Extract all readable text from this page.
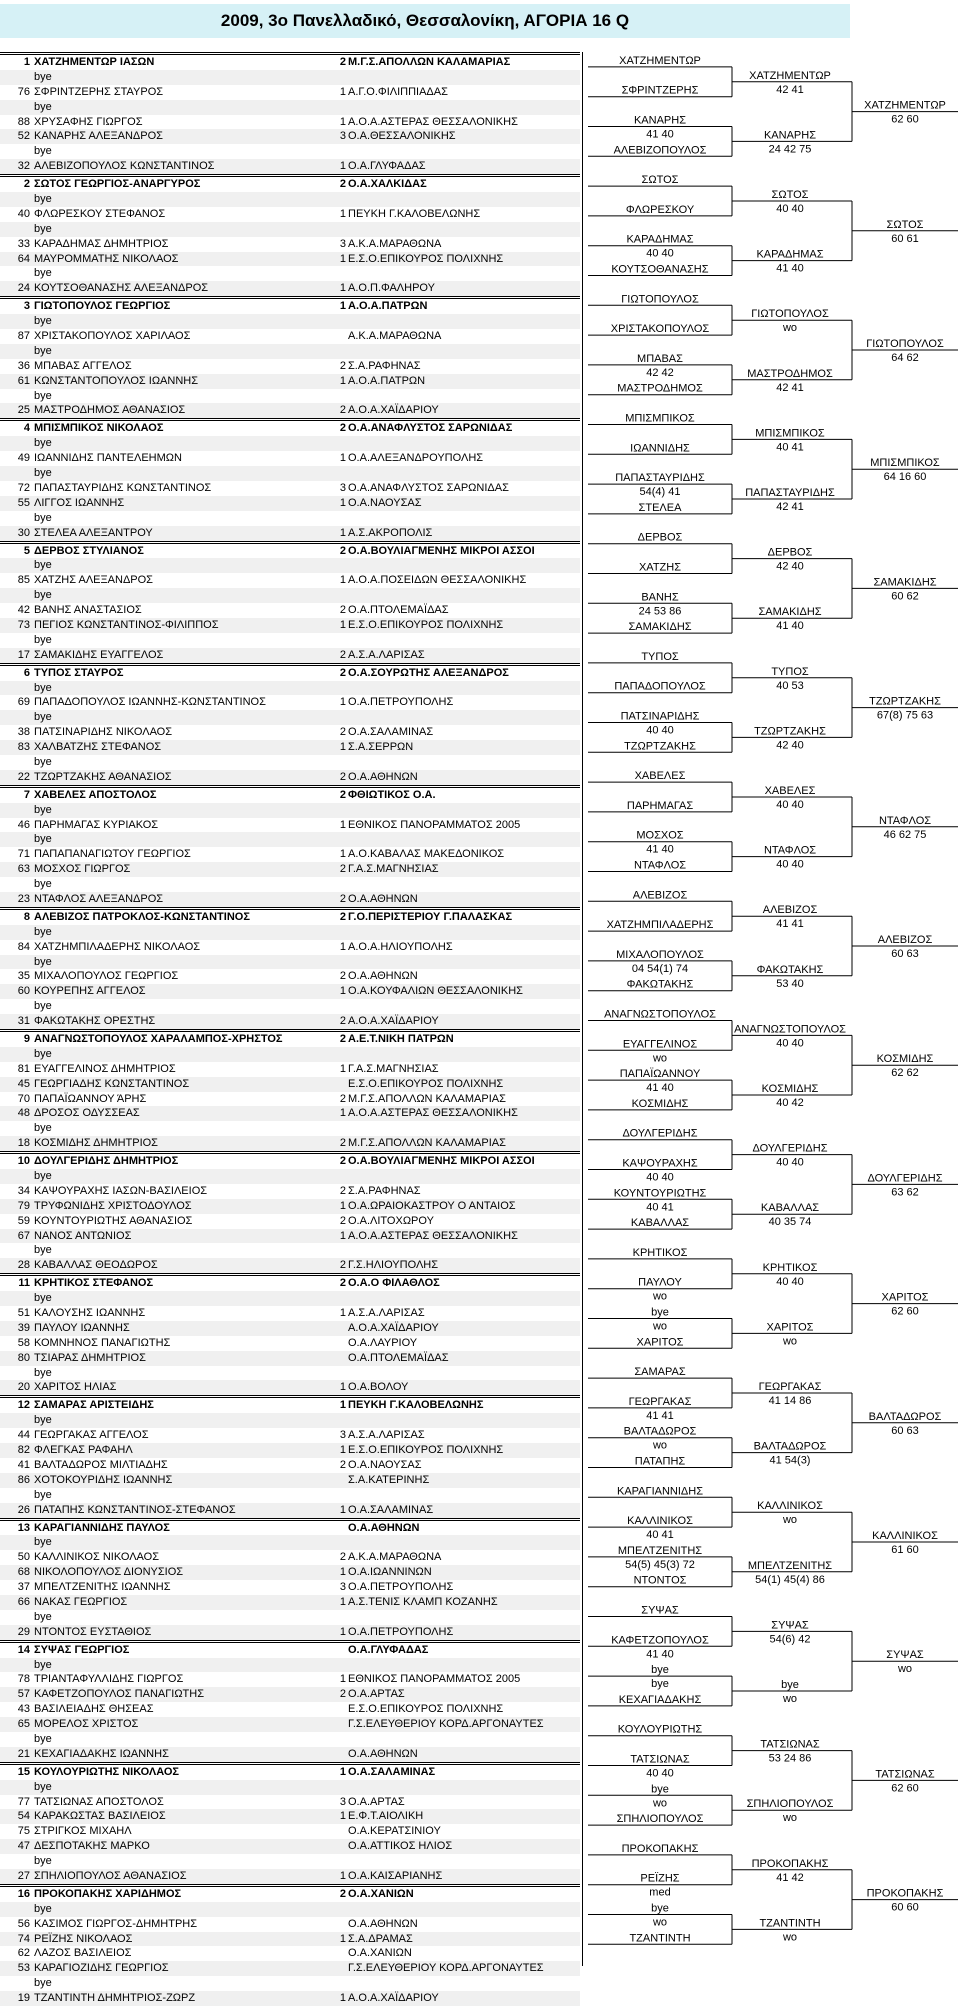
2009, 3ο Πανελλαδικό, Θεσσαλονίκη, ΑΓΟΡΙΑ 16 Q
1 ΧΑΤΖΗΜΕΝΤΩΡ ΙΑΣΩΝ	2 Μ.Γ.Σ.ΑΠΟΛΛΩΝ ΚΑΛΑΜΑΡΙΑΣ
bye
76 ΣΦΡΙΝΤΖΕΡΗΣ ΣΤΑΥΡΟΣ	1 Α.Γ.Ο.ΦΙΛΙΠΠΙΑΔΑΣ
bye
88 ΧΡΥΣΑΦΗΣ ΓΙΩΡΓΟΣ	1 Α.Ο.Α.ΑΣΤΕΡΑΣ ΘΕΣΣΑΛΟΝΙΚΗΣ
52 ΚΑΝΑΡΗΣ ΑΛΕΞΑΝΔΡΟΣ	3 Ο.Α.ΘΕΣΣΑΛΟΝΙΚΗΣ
bye
32 ΑΛΕΒΙΖΟΠΟΥΛΟΣ ΚΩΝΣΤΑΝΤΙΝΟΣ	1 Ο.Α.ΓΛΥΦΑΔΑΣ
2 ΣΩΤΟΣ ΓΕΩΡΓΙΟΣ-ΑΝΑΡΓΥΡΟΣ	2 Ο.Α.ΧΑΛΚΙΔΑΣ
bye
40 ΦΛΩΡΕΣΚΟΥ ΣΤΕΦΑΝΟΣ	1 ΠΕΥΚΗ Γ.ΚΑΛΟΒΕΛΩΝΗΣ
bye
33 ΚΑΡΑΔΗΜΑΣ ΔΗΜΗΤΡΙΟΣ	3 Α.Κ.Α.ΜΑΡΑΘΩΝΑ
64 ΜΑΥΡΟΜΜΑΤΗΣ ΝΙΚΟΛΑΟΣ	1 Ε.Σ.Ο.ΕΠΙΚΟΥΡΟΣ ΠΟΛΙΧΝΗΣ
bye
24 ΚΟΥΤΣΟΘΑΝΑΣΗΣ ΑΛΕΞΑΝΔΡΟΣ	1 Α.Ο.Π.ΦΑΛΗΡΟΥ
3 ΓΙΩΤΟΠΟΥΛΟΣ ΓΕΩΡΓΙΟΣ	1 Α.Ο.Α.ΠΑΤΡΩΝ
bye
87 ΧΡΙΣΤΑΚΟΠΟΥΛΟΣ ΧΑΡΙΛΑΟΣ	Α.Κ.Α.ΜΑΡΑΘΩΝΑ
bye
36 ΜΠΑΒΑΣ ΑΓΓΕΛΟΣ	2 Σ.Α.ΡΑΦΗΝΑΣ
61 ΚΩΝΣΤΑΝΤΟΠΟΥΛΟΣ ΙΩΑΝΝΗΣ	1 Α.Ο.Α.ΠΑΤΡΩΝ
bye
25 ΜΑΣΤΡΟΔΗΜΟΣ ΑΘΑΝΑΣΙΟΣ	2 Α.Ο.Α.ΧΑΪΔΑΡΙΟΥ
4 ΜΠΙΣΜΠΙΚΟΣ ΝΙΚΟΛΑΟΣ	2 Ο.Α.ΑΝΑΦΛΥΣΤΟΣ ΣΑΡΩΝΙΔΑΣ
bye
49 ΙΩΑΝΝΙΔΗΣ ΠΑΝΤΕΛΕΗΜΩΝ	1 Ο.Α.ΑΛΕΞΑΝΔΡΟΥΠΟΛΗΣ
bye
72 ΠΑΠΑΣΤΑΥΡΙΔΗΣ ΚΩΝΣΤΑΝΤΙΝΟΣ	3 Ο.Α.ΑΝΑΦΛΥΣΤΟΣ ΣΑΡΩΝΙΔΑΣ
55 ΛΙΓΓΟΣ ΙΩΑΝΝΗΣ	1 Ο.Α.ΝΑΟΥΣΑΣ
bye
30 ΣΤΕΛΕΑ ΑΛΕΞΑΝΤΡΟΥ	1 Α.Σ.ΑΚΡΟΠΟΛΙΣ
5 ΔΕΡΒΟΣ ΣΤΥΛΙΑΝΟΣ	2 Ο.Α.ΒΟΥΛΙΑΓΜΕΝΗΣ ΜΙΚΡΟΙ ΑΣΣΟΙ
bye
85 ΧΑΤΖΗΣ ΑΛΕΞΑΝΔΡΟΣ	1 Α.Ο.Α.ΠΟΣΕΙΔΩΝ ΘΕΣΣΑΛΟΝΙΚΗΣ
bye
42 ΒΑΝΗΣ ΑΝΑΣΤΑΣΙΟΣ	2 Ο.Α.ΠΤΟΛΕΜΑΪΔΑΣ
73 ΠΕΓΙΟΣ ΚΩΝΣΤΑΝΤΙΝΟΣ-ΦΙΛΙΠΠΟΣ	1 Ε.Σ.Ο.ΕΠΙΚΟΥΡΟΣ ΠΟΛΙΧΝΗΣ
bye
17 ΣΑΜΑΚΙΔΗΣ ΕΥΑΓΓΕΛΟΣ	2 Α.Σ.Α.ΛΑΡΙΣΑΣ
6 ΤΥΠΟΣ ΣΤΑΥΡΟΣ	2 Ο.Α.ΣΟΥΡΩΤΗΣ ΑΛΕΞΑΝΔΡΟΣ
bye
69 ΠΑΠΑΔΟΠΟΥΛΟΣ ΙΩΑΝΝΗΣ-ΚΩΝΣΤΑΝΤΙΝΟΣ	1 Ο.Α.ΠΕΤΡΟΥΠΟΛΗΣ
bye
38 ΠΑΤΣΙΝΑΡΙΔΗΣ ΝΙΚΟΛΑΟΣ	2 Ο.Α.ΣΑΛΑΜΙΝΑΣ
83 ΧΑΛΒΑΤΖΗΣ ΣΤΕΦΑΝΟΣ	1 Σ.Α.ΣΕΡΡΩΝ
bye
22 ΤΖΩΡΤΖΑΚΗΣ ΑΘΑΝΑΣΙΟΣ	2 Ο.Α.ΑΘΗΝΩΝ
7 ΧΑΒΕΛΕΣ ΑΠΟΣΤΟΛΟΣ	2 ΦΘΙΩΤΙΚΟΣ Ο.Α.
bye
46 ΠΑΡΗΜΑΓΑΣ ΚΥΡΙΑΚΟΣ	1 ΕΘΝΙΚΟΣ ΠΑΝΟΡΑΜΜΑΤΟΣ 2005
bye
71 ΠΑΠΑΠΑΝΑΓΙΩΤΟΥ ΓΕΩΡΓΙΟΣ	1 Α.Ο.ΚΑΒΑΛΑΣ ΜΑΚΕΔΟΝΙΚΟΣ
63 ΜΟΣΧΟΣ ΓΙΩΡΓΟΣ	2 Γ.Α.Σ.ΜΑΓΝΗΣΙΑΣ
bye
23 ΝΤΑΦΛΟΣ ΑΛΕΞΑΝΔΡΟΣ	2 Ο.Α.ΑΘΗΝΩΝ
8 ΑΛΕΒΙΖΟΣ ΠΑΤΡΟΚΛΟΣ-ΚΩΝΣΤΑΝΤΙΝΟΣ	2 Γ.Ο.ΠΕΡΙΣΤΕΡΙΟΥ Γ.ΠΑΛΑΣΚΑΣ
bye
84 ΧΑΤΖΗΜΠΙΛΑΔΕΡΗΣ ΝΙΚΟΛΑΟΣ	1 Α.Ο.Α.ΗΛΙΟΥΠΟΛΗΣ
bye
35 ΜΙΧΑΛΟΠΟΥΛΟΣ ΓΕΩΡΓΙΟΣ	2 Ο.Α.ΑΘΗΝΩΝ
60 ΚΟΥΡΕΠΗΣ ΑΓΓΕΛΟΣ	1 Ο.Α.ΚΟΥΦΑΛΙΩΝ ΘΕΣΣΑΛΟΝΙΚΗΣ
bye
31 ΦΑΚΩΤΑΚΗΣ ΟΡΕΣΤΗΣ	2 Α.Ο.Α.ΧΑΪΔΑΡΙΟΥ
9 ΑΝΑΓΝΩΣΤΟΠΟΥΛΟΣ ΧΑΡΑΛΑΜΠΟΣ-ΧΡΗΣΤΟΣ	2 Α.Ε.Τ.ΝΙΚΗ ΠΑΤΡΩΝ
bye
81 ΕΥΑΓΓΕΛΙΝΟΣ ΔΗΜΗΤΡΙΟΣ	1 Γ.Α.Σ.ΜΑΓΝΗΣΙΑΣ
45 ΓΕΩΡΓΙΑΔΗΣ ΚΩΝΣΤΑΝΤΙΝΟΣ	Ε.Σ.Ο.ΕΠΙΚΟΥΡΟΣ ΠΟΛΙΧΝΗΣ
70 ΠΑΠΑΪΩΑΝΝΟΥ ΆΡΗΣ	2 Μ.Γ.Σ.ΑΠΟΛΛΩΝ ΚΑΛΑΜΑΡΙΑΣ
48 ΔΡΟΣΟΣ ΟΔΥΣΣΕΑΣ	1 Α.Ο.Α.ΑΣΤΕΡΑΣ ΘΕΣΣΑΛΟΝΙΚΗΣ
bye
18 ΚΟΣΜΙΔΗΣ ΔΗΜΗΤΡΙΟΣ	2 Μ.Γ.Σ.ΑΠΟΛΛΩΝ ΚΑΛΑΜΑΡΙΑΣ
10 ΔΟΥΛΓΕΡΙΔΗΣ ΔΗΜΗΤΡΙΟΣ	2 Ο.Α.ΒΟΥΛΙΑΓΜΕΝΗΣ ΜΙΚΡΟΙ ΑΣΣΟΙ
bye
34 ΚΑΨΟΥΡΑΧΗΣ ΙΑΣΩΝ-ΒΑΣΙΛΕΙΟΣ	2 Σ.Α.ΡΑΦΗΝΑΣ
79 ΤΡΥΦΩΝΙΔΗΣ ΧΡΙΣΤΟΔΟΥΛΟΣ	1 Ο.Α.ΩΡΑΙΟΚΑΣΤΡΟΥ Ο ΑΝΤΑΙΟΣ
59 ΚΟΥΝΤΟΥΡΙΩΤΗΣ ΑΘΑΝΑΣΙΟΣ	2 Ο.Α.ΛΙΤΟΧΩΡΟΥ
67 ΝΑΝΟΣ ΑΝΤΩΝΙΟΣ	1 Α.Ο.Α.ΑΣΤΕΡΑΣ ΘΕΣΣΑΛΟΝΙΚΗΣ
bye
28 ΚΑΒΑΛΛΑΣ ΘΕΟΔΩΡΟΣ	2 Γ.Σ.ΗΛΙΟΥΠΟΛΗΣ
11 ΚΡΗΤΙΚΟΣ ΣΤΕΦΑΝΟΣ	2 Ο.Α.Ο ΦΙΛΑΘΛΟΣ
bye
51 ΚΑΛΟΥΣΗΣ ΙΩΑΝΝΗΣ	1 Α.Σ.Α.ΛΑΡΙΣΑΣ
39 ΠΑΥΛΟΥ ΙΩΑΝΝΗΣ	Α.Ο.Α.ΧΑΪΔΑΡΙΟΥ
58 ΚΟΜΝΗΝΟΣ ΠΑΝΑΓΙΩΤΗΣ	Ο.Α.ΛΑΥΡΙΟΥ
80 ΤΣΙΑΡΑΣ ΔΗΜΗΤΡΙΟΣ	Ο.Α.ΠΤΟΛΕΜΑΪΔΑΣ
bye
20 ΧΑΡΙΤΟΣ ΗΛΙΑΣ	1 Ο.Α.ΒΟΛΟΥ
12 ΣΑΜΑΡΑΣ ΑΡΙΣΤΕΙΔΗΣ	1 ΠΕΥΚΗ Γ.ΚΑΛΟΒΕΛΩΝΗΣ
bye
44 ΓΕΩΡΓΑΚΑΣ ΑΓΓΕΛΟΣ	3 Α.Σ.Α.ΛΑΡΙΣΑΣ
82 ΦΛΕΓΚΑΣ ΡΑΦΑΗΛ	1 Ε.Σ.Ο.ΕΠΙΚΟΥΡΟΣ ΠΟΛΙΧΝΗΣ
41 ΒΑΛΤΑΔΩΡΟΣ ΜΙΛΤΙΑΔΗΣ	2 Ο.Α.ΝΑΟΥΣΑΣ
86 ΧΟΤΟΚΟΥΡΙΔΗΣ ΙΩΑΝΝΗΣ	Σ.Α.ΚΑΤΕΡΙΝΗΣ
bye
26 ΠΑΤΑΠΗΣ ΚΩΝΣΤΑΝΤΙΝΟΣ-ΣΤΕΦΑΝΟΣ	1 Ο.Α.ΣΑΛΑΜΙΝΑΣ
13 ΚΑΡΑΓΙΑΝΝΙΔΗΣ ΠΑΥΛΟΣ	Ο.Α.ΑΘΗΝΩΝ
bye
50 ΚΑΛΛΙΝΙΚΟΣ ΝΙΚΟΛΑΟΣ	2 Α.Κ.Α.ΜΑΡΑΘΩΝΑ
68 ΝΙΚΟΛΟΠΟΥΛΟΣ ΔΙΟΝΥΣΙΟΣ	1 Ο.Α.ΙΩΑΝΝΙΝΩΝ
37 ΜΠΕΛΤΖΕΝΙΤΗΣ ΙΩΑΝΝΗΣ	3 Ο.Α.ΠΕΤΡΟΥΠΟΛΗΣ
66 ΝΑΚΑΣ ΓΕΩΡΓΙΟΣ	1 Α.Σ.ΤΕΝΙΣ ΚΛΑΜΠ ΚΟΖΑΝΗΣ
bye
29 ΝΤΟΝΤΟΣ ΕΥΣΤΑΘΙΟΣ	1 Ο.Α.ΠΕΤΡΟΥΠΟΛΗΣ
14 ΣΥΨΑΣ ΓΕΩΡΓΙΟΣ	Ο.Α.ΓΛΥΦΑΔΑΣ
bye
78 ΤΡΙΑΝΤΑΦΥΛΛΙΔΗΣ ΓΙΩΡΓΟΣ	1 ΕΘΝΙΚΟΣ ΠΑΝΟΡΑΜΜΑΤΟΣ 2005
57 ΚΑΦΕΤΖΟΠΟΥΛΟΣ ΠΑΝΑΓΙΩΤΗΣ	2 Ο.Α.ΑΡΤΑΣ
43 ΒΑΣΙΛΕΙΑΔΗΣ ΘΗΣΕΑΣ	Ε.Σ.Ο.ΕΠΙΚΟΥΡΟΣ ΠΟΛΙΧΝΗΣ
65 ΜΟΡΕΛΟΣ ΧΡΙΣΤΟΣ	Γ.Σ.ΕΛΕΥΘΕΡΙΟΥ ΚΟΡΔ.ΑΡΓΟΝΑΥΤΕΣ
bye
21 ΚΕΧΑΓΙΑΔΑΚΗΣ ΙΩΑΝΝΗΣ	Ο.Α.ΑΘΗΝΩΝ
15 ΚΟΥΛΟΥΡΙΩΤΗΣ ΝΙΚΟΛΑΟΣ	1 Ο.Α.ΣΑΛΑΜΙΝΑΣ
bye
77 ΤΑΤΣΙΩΝΑΣ ΑΠΟΣΤΟΛΟΣ	3 Ο.Α.ΑΡΤΑΣ
54 ΚΑΡΑΚΩΣΤΑΣ ΒΑΣΙΛΕΙΟΣ	1 Ε.Φ.Τ.ΑΙΟΛΙΚΗ
75 ΣΤΡΙΓΚΟΣ ΜΙΧΑΗΛ	Ο.Α.ΚΕΡΑΤΣΙΝΙΟΥ
47 ΔΕΣΠΟΤΑΚΗΣ ΜΑΡΚΟ	Ο.Α.ΑΤΤΙΚΟΣ ΗΛΙΟΣ
bye
27 ΣΠΗΛΙΟΠΟΥΛΟΣ ΑΘΑΝΑΣΙΟΣ	1 Ο.Α.ΚΑΙΣΑΡΙΑΝΗΣ
16 ΠΡΟΚΟΠΑΚΗΣ ΧΑΡΙΔΗΜΟΣ	2 Ο.Α.ΧΑΝΙΩΝ
bye
56 ΚΑΣΙΜΟΣ ΓΙΩΡΓΟΣ-ΔΗΜΗΤΡΗΣ	Ο.Α.ΑΘΗΝΩΝ
74 ΡΕΪΖΗΣ ΝΙΚΟΛΑΟΣ	1 Σ.Α.ΔΡΑΜΑΣ
62 ΛΑΖΟΣ ΒΑΣΙΛΕΙΟΣ	Ο.Α.ΧΑΝΙΩΝ
53 ΚΑΡΑΓΙΟΖΙΔΗΣ ΓΕΩΡΓΙΟΣ	Γ.Σ.ΕΛΕΥΘΕΡΙΟΥ ΚΟΡΔ.ΑΡΓΟΝΑΥΤΕΣ
bye
19 ΤΖΑΝΤΙΝΤΗ ΔΗΜΗΤΡΙΟΣ-ΖΩΡΖ	1 Α.Ο.Α.ΧΑΪΔΑΡΙΟΥ
ΧΑΤΖΗΜΕΝΤΩΡ
ΣΦΡΙΝΤΖΕΡΗΣ
ΚΑΝΑΡΗΣ
41 40
ΑΛΕΒΙΖΟΠΟΥΛΟΣ
ΧΑΤΖΗΜΕΝΤΩΡ
42 41
ΚΑΝΑΡΗΣ
24 42 75
ΧΑΤΖΗΜΕΝΤΩΡ
62 60
ΣΩΤΟΣ
ΦΛΩΡΕΣΚΟΥ
ΚΑΡΑΔΗΜΑΣ
40 40
ΚΟΥΤΣΟΘΑΝΑΣΗΣ
ΣΩΤΟΣ
40 40
ΚΑΡΑΔΗΜΑΣ
41 40
ΣΩΤΟΣ
60 61
ΓΙΩΤΟΠΟΥΛΟΣ
ΧΡΙΣΤΑΚΟΠΟΥΛΟΣ
ΜΠΑΒΑΣ
42 42
ΜΑΣΤΡΟΔΗΜΟΣ
ΓΙΩΤΟΠΟΥΛΟΣ
wo
ΜΑΣΤΡΟΔΗΜΟΣ
42 41
ΓΙΩΤΟΠΟΥΛΟΣ
64 62
ΜΠΙΣΜΠΙΚΟΣ
ΙΩΑΝΝΙΔΗΣ
ΠΑΠΑΣΤΑΥΡΙΔΗΣ
54(4) 41
ΣΤΕΛΕΑ
ΜΠΙΣΜΠΙΚΟΣ
40 41
ΠΑΠΑΣΤΑΥΡΙΔΗΣ
42 41
ΜΠΙΣΜΠΙΚΟΣ
64 16 60
ΔΕΡΒΟΣ
ΧΑΤΖΗΣ
ΒΑΝΗΣ
24 53 86
ΣΑΜΑΚΙΔΗΣ
ΔΕΡΒΟΣ
42 40
ΣΑΜΑΚΙΔΗΣ
41 40
ΣΑΜΑΚΙΔΗΣ
60 62
ΤΥΠΟΣ
ΠΑΠΑΔΟΠΟΥΛΟΣ
ΠΑΤΣΙΝΑΡΙΔΗΣ
40 40
ΤΖΩΡΤΖΑΚΗΣ
ΤΥΠΟΣ
40 53
ΤΖΩΡΤΖΑΚΗΣ
42 40
ΤΖΩΡΤΖΑΚΗΣ
67(8) 75 63
ΧΑΒΕΛΕΣ
ΠΑΡΗΜΑΓΑΣ
ΜΟΣΧΟΣ
41 40
ΝΤΑΦΛΟΣ
ΧΑΒΕΛΕΣ
40 40
ΝΤΑΦΛΟΣ
40 40
ΝΤΑΦΛΟΣ
46 62 75
ΑΛΕΒΙΖΟΣ
ΧΑΤΖΗΜΠΙΛΑΔΕΡΗΣ
ΜΙΧΑΛΟΠΟΥΛΟΣ
04 54(1) 74
ΦΑΚΩΤΑΚΗΣ
ΑΛΕΒΙΖΟΣ
41 41
ΦΑΚΩΤΑΚΗΣ
53 40
ΑΛΕΒΙΖΟΣ
60 63
ΑΝΑΓΝΩΣΤΟΠΟΥΛΟΣ
ΕΥΑΓΓΕΛΙΝΟΣ
wo
ΠΑΠΑΪΩΑΝΝΟΥ
41 40
ΚΟΣΜΙΔΗΣ
ΑΝΑΓΝΩΣΤΟΠΟΥΛΟΣ
40 40
ΚΟΣΜΙΔΗΣ
40 42
ΚΟΣΜΙΔΗΣ
62 62
ΔΟΥΛΓΕΡΙΔΗΣ
ΚΑΨΟΥΡΑΧΗΣ
40 40
ΚΟΥΝΤΟΥΡΙΩΤΗΣ
40 41
ΚΑΒΑΛΛΑΣ
ΔΟΥΛΓΕΡΙΔΗΣ
40 40
ΚΑΒΑΛΛΑΣ
40 35 74
ΔΟΥΛΓΕΡΙΔΗΣ
63 62
ΚΡΗΤΙΚΟΣ
ΠΑΥΛΟΥ
wo
bye
wo
ΧΑΡΙΤΟΣ
ΚΡΗΤΙΚΟΣ
40 40
ΧΑΡΙΤΟΣ
wo
ΧΑΡΙΤΟΣ
62 60
ΣΑΜΑΡΑΣ
ΓΕΩΡΓΑΚΑΣ
41 41
ΒΑΛΤΑΔΩΡΟΣ
wo
ΠΑΤΑΠΗΣ
ΓΕΩΡΓΑΚΑΣ
41 14 86
ΒΑΛΤΑΔΩΡΟΣ
41 54(3)
ΒΑΛΤΑΔΩΡΟΣ
60 63
ΚΑΡΑΓΙΑΝΝΙΔΗΣ
ΚΑΛΛΙΝΙΚΟΣ
40 41
ΜΠΕΛΤΖΕΝΙΤΗΣ
54(5) 45(3) 72
ΝΤΟΝΤΟΣ
ΚΑΛΛΙΝΙΚΟΣ
wo
ΜΠΕΛΤΖΕΝΙΤΗΣ
54(1) 45(4) 86
ΚΑΛΛΙΝΙΚΟΣ
61 60
ΣΥΨΑΣ
ΚΑΦΕΤΖΟΠΟΥΛΟΣ
41 40
bye
bye
ΚΕΧΑΓΙΑΔΑΚΗΣ
ΣΥΨΑΣ
54(6) 42
bye
wo
ΣΥΨΑΣ
wo
ΚΟΥΛΟΥΡΙΩΤΗΣ
ΤΑΤΣΙΩΝΑΣ
40 40
bye
wo
ΣΠΗΛΙΟΠΟΥΛΟΣ
ΤΑΤΣΙΩΝΑΣ
53 24 86
ΣΠΗΛΙΟΠΟΥΛΟΣ
wo
ΤΑΤΣΙΩΝΑΣ
62 60
ΠΡΟΚΟΠΑΚΗΣ
ΡΕΪΖΗΣ
med
bye
wo
ΤΖΑΝΤΙΝΤΗ
ΠΡΟΚΟΠΑΚΗΣ
41 42
ΤΖΑΝΤΙΝΤΗ
wo
ΠΡΟΚΟΠΑΚΗΣ
60 60
